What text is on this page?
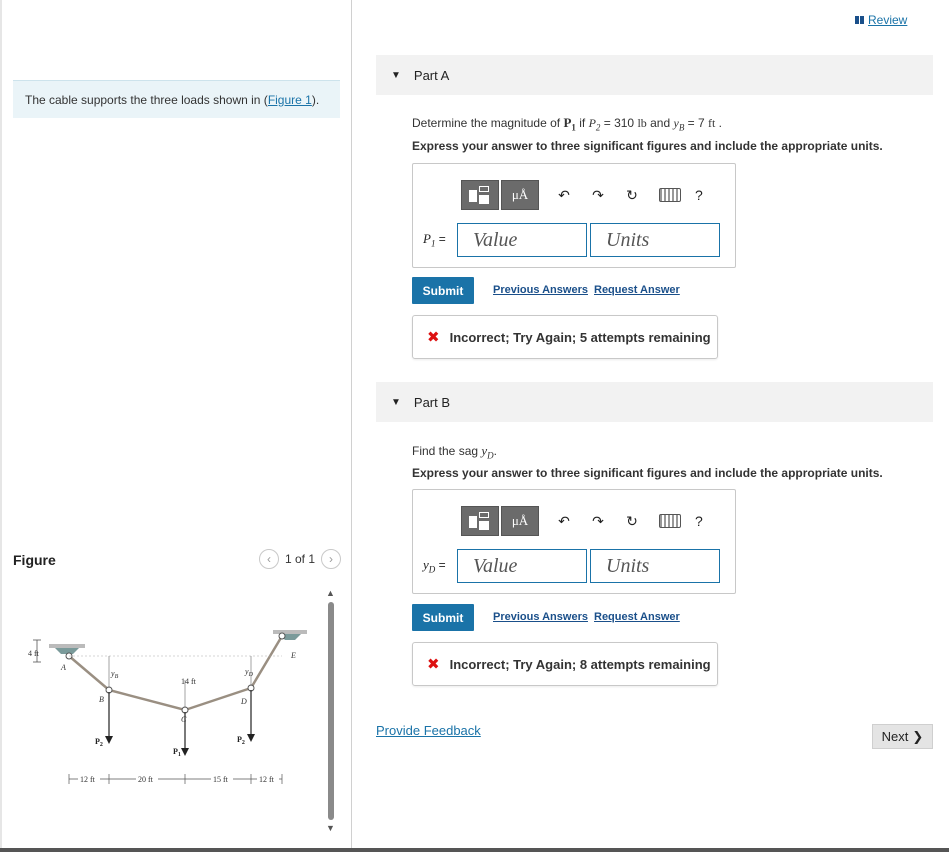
The cable supports the three loads shown in (Figure 1).
Figure	‹ 1 of 1 ›
4 ft
A
B
C
D
E
$y_B$
$y_D$
14 ft
$P_2$
$P_1$
$P_2$
12 ft	20 ft	15 ft	12 ft
▲
▼
Review
▼ Part A
Determine the magnitude of $P_1$ if $P_2 = 310$ lb and $y_B = 7$ ft .
Express your answer to three significant figures and include the appropriate units.
μÅ ↶ ↷ ↻	?
$P_1$ =	Value	Units
Submit	Previous Answers Request Answer
✖ Incorrect; Try Again; 5 attempts remaining
▼ Part B
Find the sag $y_D$.
Express your answer to three significant figures and include the appropriate units.
μÅ ↶ ↷ ↻	?
$y_D$ =	Value	Units
Submit	Previous Answers Request Answer
✖ Incorrect; Try Again; 8 attempts remaining
Provide Feedback	Next ❯
